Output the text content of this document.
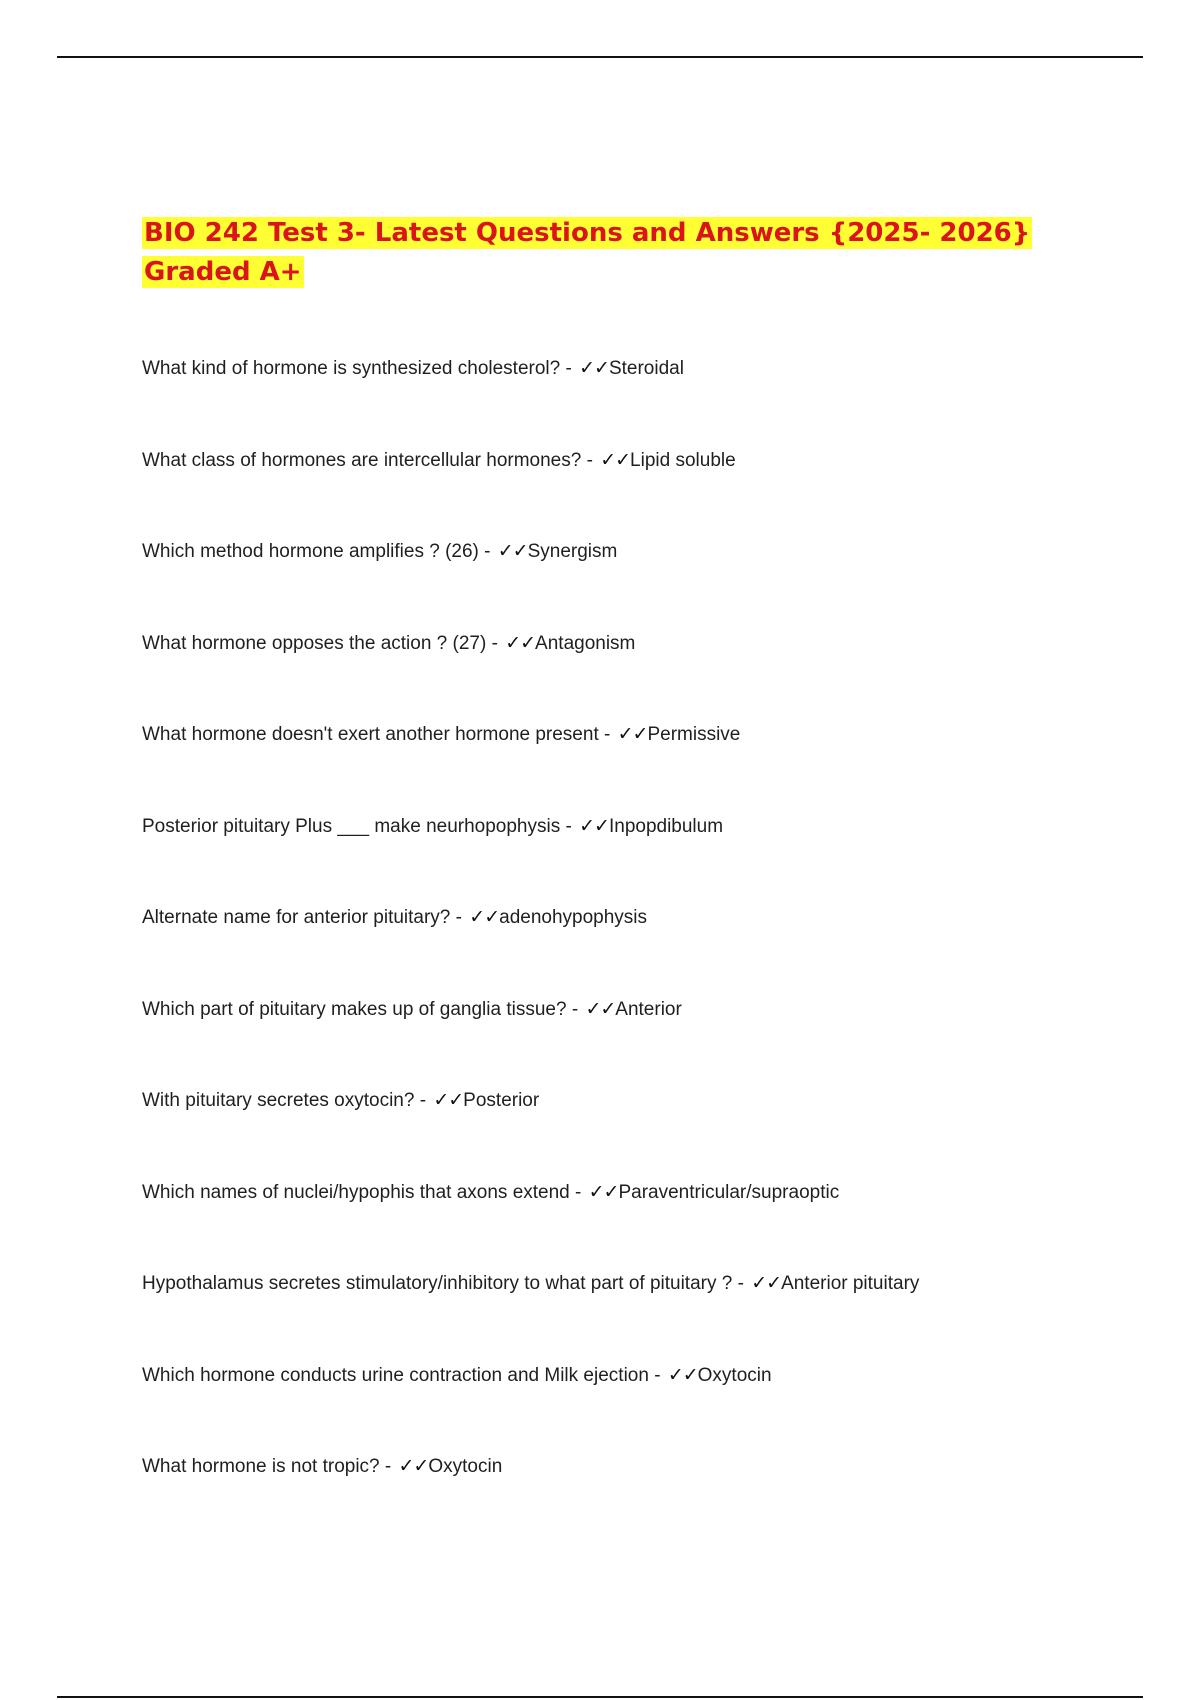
BIO 242 Test 3- Latest Questions and Answers {2025- 2026} Graded A+
What kind of hormone is synthesized cholesterol? - ✓✓Steroidal
What class of hormones are intercellular hormones? - ✓✓Lipid soluble
Which method hormone amplifies ? (26) - ✓✓Synergism
What hormone opposes the action ? (27) - ✓✓Antagonism
What hormone doesn't exert another hormone present - ✓✓Permissive
Posterior pituitary Plus ___ make neurhopophysis - ✓✓Inpopdibulum
Alternate name for anterior pituitary? - ✓✓adenohypophysis
Which part of pituitary makes up of ganglia tissue? - ✓✓Anterior
With pituitary secretes oxytocin? - ✓✓Posterior
Which names of nuclei/hypophis that axons extend - ✓✓Paraventricular/supraoptic
Hypothalamus secretes stimulatory/inhibitory to what part of pituitary ? - ✓✓Anterior pituitary
Which hormone conducts urine contraction and Milk ejection - ✓✓Oxytocin
What hormone is not tropic? - ✓✓Oxytocin
